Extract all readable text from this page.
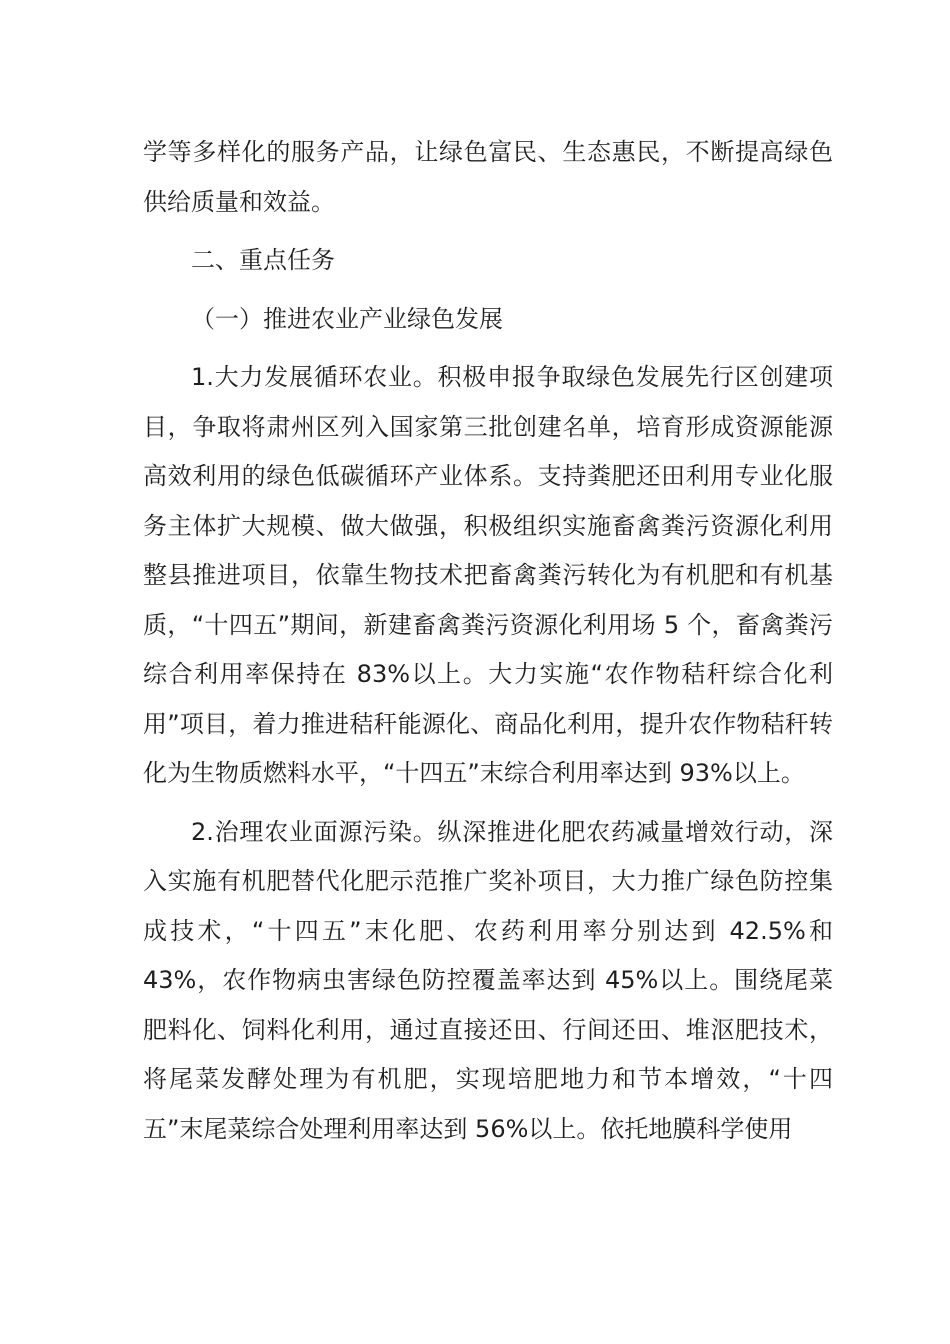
学等多样化的服务产品，让绿色富民、生态惠民，不断提高绿色供给质量和效益。

二、重点任务

（一）推进农业产业绿色发展

1.大力发展循环农业。积极申报争取绿色发展先行区创建项目，争取将肃州区列入国家第三批创建名单，培育形成资源能源高效利用的绿色低碳循环产业体系。支持粪肥还田利用专业化服务主体扩大规模、做大做强，积极组织实施畜禽粪污资源化利用整县推进项目，依靠生物技术把畜禽粪污转化为有机肥和有机基质，“十四五”期间，新建畜禽粪污资源化利用场 5 个，畜禽粪污综合利用率保持在 83%以上。大力实施“农作物秸秆综合化利用”项目，着力推进秸秆能源化、商品化利用，提升农作物秸秆转化为生物质燃料水平，“十四五”末综合利用率达到 93%以上。

2.治理农业面源污染。纵深推进化肥农药减量增效行动，深入实施有机肥替代化肥示范推广奖补项目，大力推广绿色防控集成技术，“十四五”末化肥、农药利用率分别达到 42.5%和 43%，农作物病虫害绿色防控覆盖率达到 45%以上。围绕尾菜肥料化、饲料化利用，通过直接还田、行间还田、堆沤肥技术，将尾菜发酵处理为有机肥，实现培肥地力和节本增效，“十四五”末尾菜综合处理利用率达到 56%以上。依托地膜科学使用
